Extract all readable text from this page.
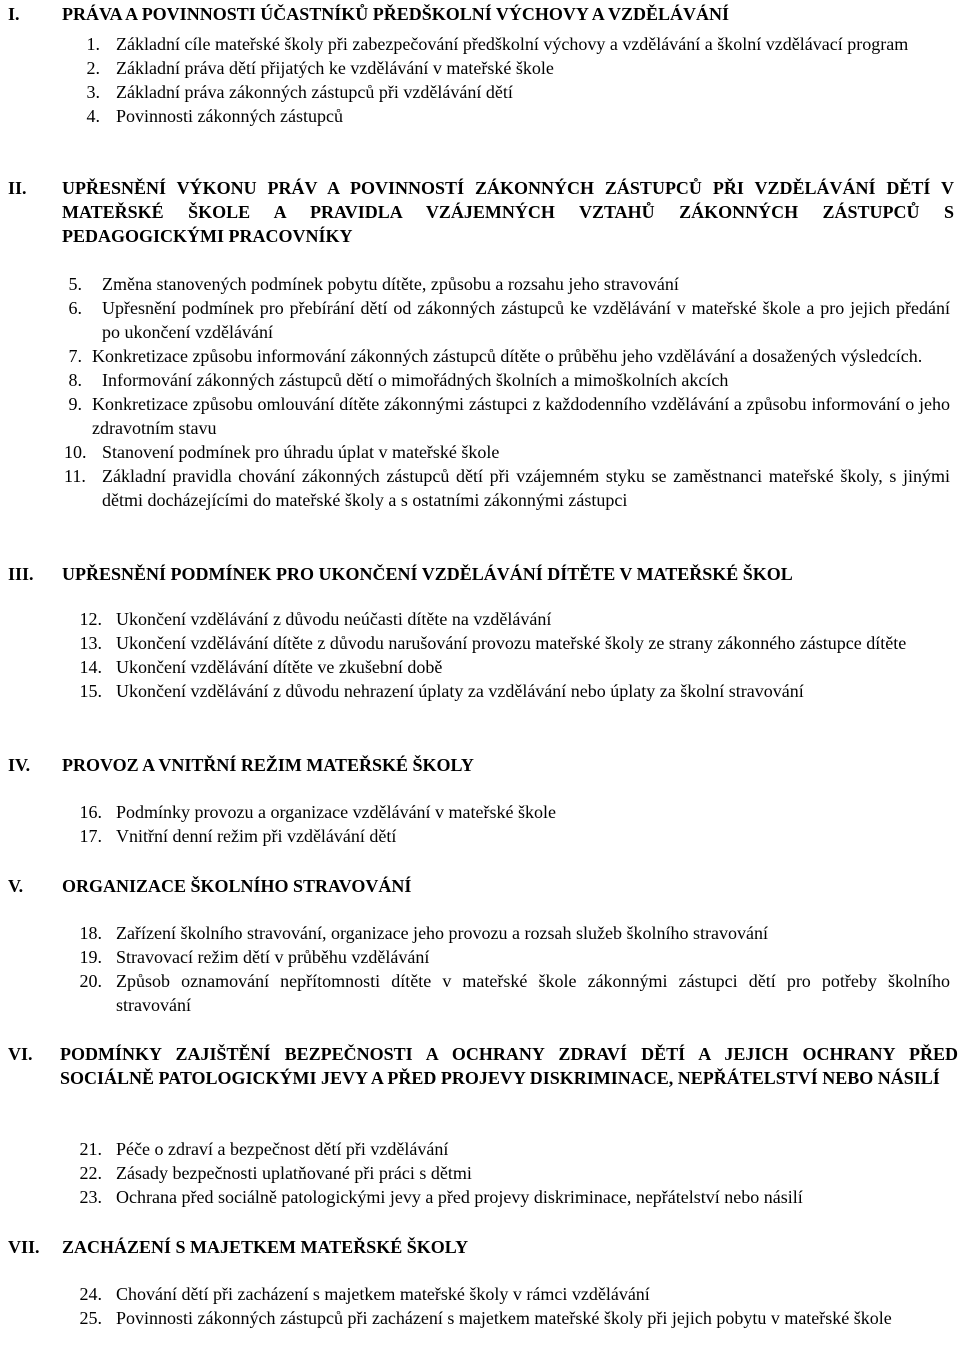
I. PRÁVA A POVINNOSTI ÚČASTNÍKŮ PŘEDŠKOLNÍ VÝCHOVY A VZDĚLÁVÁNÍ
1. Základní cíle mateřské školy při zabezpečování předškolní výchovy a vzdělávání a školní vzdělávací program
2. Základní práva dětí přijatých ke vzdělávání v mateřské škole
3. Základní práva zákonných zástupců při vzdělávání dětí
4. Povinnosti zákonných zástupců
II. UPŘESNĚNÍ VÝKONU PRÁV A POVINNOSTÍ ZÁKONNÝCH ZÁSTUPCŮ PŘI VZDĚLÁVÁNÍ DĚTÍ V MATEŘSKÉ ŠKOLE A PRAVIDLA VZÁJEMNÝCH VZTAHŮ ZÁKONNÝCH ZÁSTUPCŮ S PEDAGOGICKÝMI PRACOVNÍKY
5. Změna stanovených podmínek pobytu dítěte, způsobu a rozsahu jeho stravování
6. Upřesnění podmínek pro přebírání dětí od zákonných zástupců ke vzdělávání v mateřské škole a pro jejich předání po ukončení vzdělávání
7. Konkretizace způsobu informování zákonných zástupců dítěte o průběhu jeho vzdělávání a dosažených výsledcích.
8. Informování zákonných zástupců dětí o mimořádných školních a mimoškolních akcích
9. Konkretizace způsobu omlouvání dítěte zákonnými zástupci z každodenního vzdělávání a způsobu informování o jeho zdravotním stavu
10. Stanovení podmínek pro úhradu úplat v mateřské škole
11. Základní pravidla chování zákonných zástupců dětí při vzájemném styku se zaměstnanci mateřské školy, s jinými dětmi docházejícími do mateřské školy a s ostatními zákonnými zástupci
III. UPŘESNĚNÍ PODMÍNEK PRO UKONČENÍ VZDĚLÁVÁNÍ DÍTĚTE V MATEŘSKÉ ŠKOL
12. Ukončení vzdělávání z důvodu neúčasti dítěte na vzdělávání
13. Ukončení vzdělávání dítěte z důvodu narušování provozu mateřské školy ze strany zákonného zástupce dítěte
14. Ukončení vzdělávání dítěte ve zkušební době
15. Ukončení vzdělávání z důvodu nehrazení úplaty za vzdělávání nebo úplaty za školní stravování
IV. PROVOZ A VNITŘNÍ REŽIM MATEŘSKÉ ŠKOLY
16. Podmínky provozu a organizace vzdělávání v mateřské škole
17. Vnitřní denní režim při vzdělávání dětí
V. ORGANIZACE ŠKOLNÍHO STRAVOVÁNÍ
18. Zařízení školního stravování, organizace jeho provozu a rozsah služeb školního stravování
19. Stravovací režim dětí v průběhu vzdělávání
20. Způsob oznamování nepřítomnosti dítěte v mateřské škole zákonnými zástupci dětí pro potřeby školního stravování
VI. PODMÍNKY ZAJIŠTĚNÍ BEZPEČNOSTI A OCHRANY ZDRAVÍ DĚTÍ A JEJICH OCHRANY PŘED SOCIÁLNĚ PATOLOGICKÝMI JEVY A PŘED PROJEVY DISKRIMINACE, NEPŘÁTELSTVÍ NEBO NÁSILÍ
21. Péče o zdraví a bezpečnost dětí při vzdělávání
22. Zásady bezpečnosti uplatňované při práci s dětmi
23. Ochrana před sociálně patologickými jevy a před projevy diskriminace, nepřátelství nebo násilí
VII. ZACHÁZENÍ S MAJETKEM MATEŘSKÉ ŠKOLY
24. Chování dětí při zacházení s majetkem mateřské školy v rámci vzdělávání
25. Povinnosti zákonných zástupců při zacházení s majetkem mateřské školy při jejich pobytu v mateřské škole
